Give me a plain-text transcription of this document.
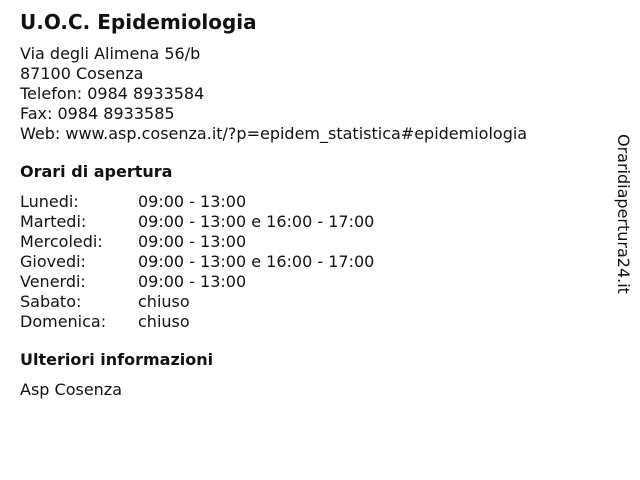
U.O.C. Epidemiologia
Via degli Alimena 56/b
87100 Cosenza
Telefon: 0984 8933584
Fax: 0984 8933585
Web: www.asp.cosenza.it/?p=epidem_statistica#epidemiologia
Orari di apertura
Lunedi:	09:00 - 13:00
Martedi:	09:00 - 13:00 e 16:00 - 17:00
Mercoledi:	09:00 - 13:00
Giovedi:	09:00 - 13:00 e 16:00 - 17:00
Venerdi:	09:00 - 13:00
Sabato:	chiuso
Domenica:	chiuso
Ulteriori informazioni
Asp Cosenza
Oraridiapertura24.it
